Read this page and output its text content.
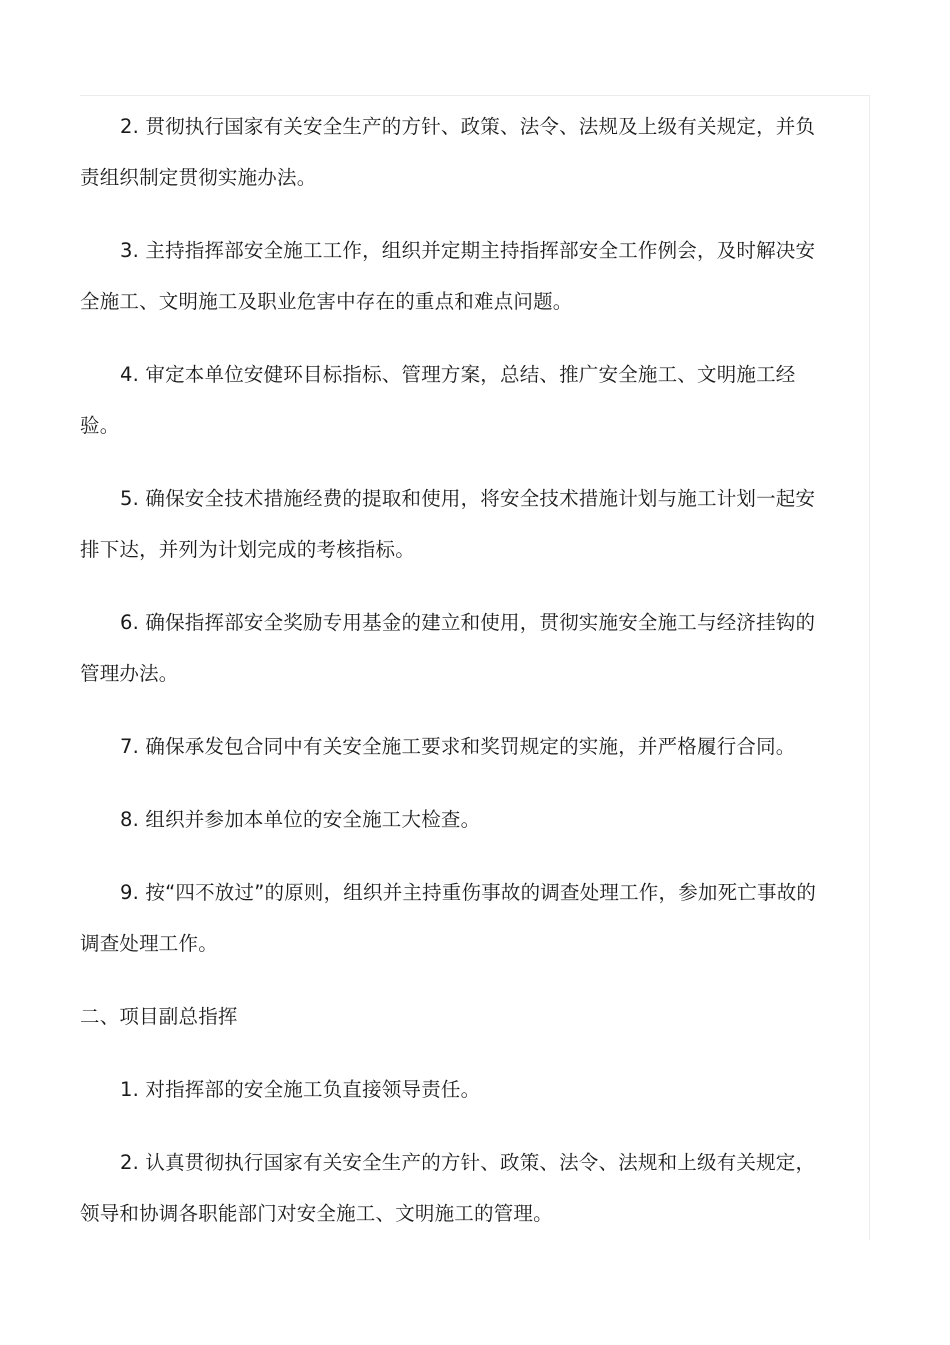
2. 贯彻执行国家有关安全生产的方针、政策、法令、法规及上级有关规定，并负责组织制定贯彻实施办法。

3. 主持指挥部安全施工工作，组织并定期主持指挥部安全工作例会，及时解决安全施工、文明施工及职业危害中存在的重点和难点问题。

4. 审定本单位安健环目标指标、管理方案，总结、推广安全施工、文明施工经验。

5. 确保安全技术措施经费的提取和使用，将安全技术措施计划与施工计划一起安排下达，并列为计划完成的考核指标。

6. 确保指挥部安全奖励专用基金的建立和使用，贯彻实施安全施工与经济挂钩的管理办法。

7. 确保承发包合同中有关安全施工要求和奖罚规定的实施，并严格履行合同。

8. 组织并参加本单位的安全施工大检查。

9. 按“四不放过”的原则，组织并主持重伤事故的调查处理工作，参加死亡事故的调查处理工作。

二、项目副总指挥

1. 对指挥部的安全施工负直接领导责任。

2. 认真贯彻执行国家有关安全生产的方针、政策、法令、法规和上级有关规定，领导和协调各职能部门对安全施工、文明施工的管理。
